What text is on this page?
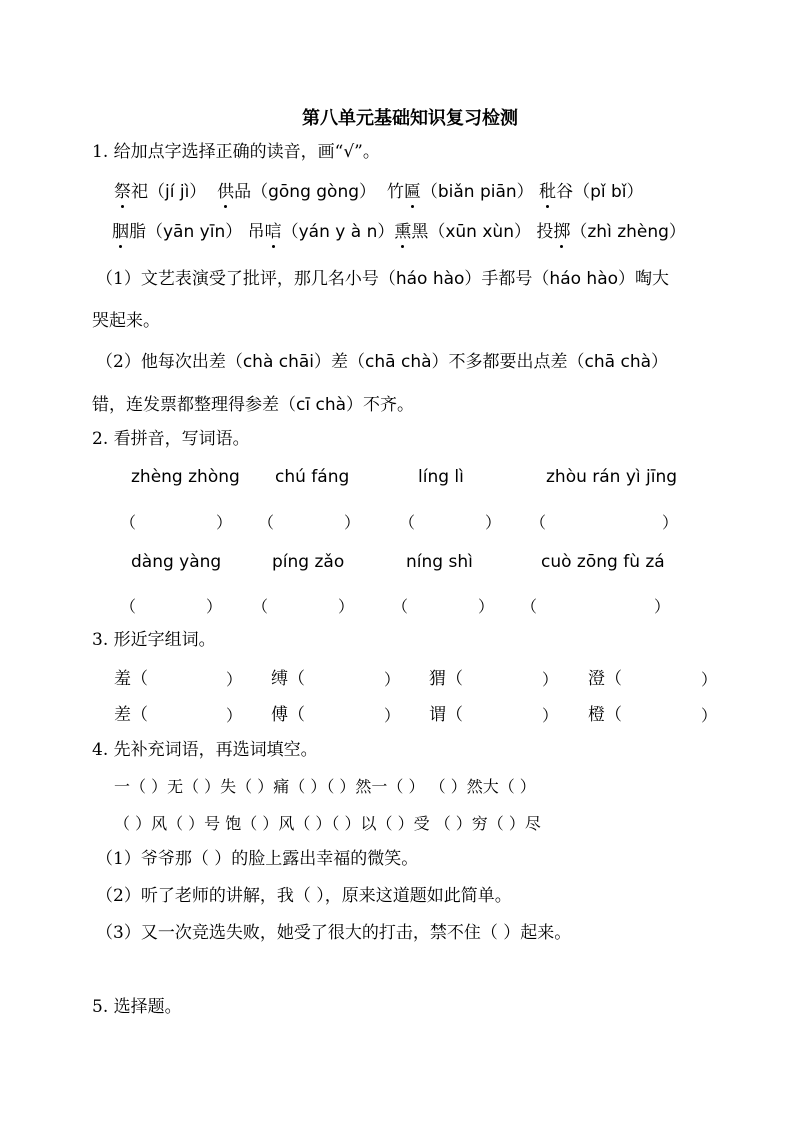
第八单元基础知识复习检测
1. 给加点字选择正确的读音，画“√”。
祭祀（jí jì） 供品（gōng gòng） 竹匾（biǎn piān） 秕谷（pǐ bǐ）
胭脂（yān yīn） 吊唁（yán y à n）熏黑（xūn xùn） 投掷（zhì zhèng）
（1）文艺表演受了批评，那几名小号（háo hào）手都号（háo hào）啕大
哭起来。
（2）他每次出差（chà chāi）差（chā chà）不多都要出点差（chā chà）
错，连发票都整理得参差（cī chà）不齐。
2. 看拼音，写词语。
zhèng zhòng chú fáng	líng lì	zhòu rán yì jīng
（	） （	） （	） （	）
dàng yàng	píng zǎo	níng shì	cuò zōng fù zá
（	） （	） （	） （	）
3. 形近字组词。
羞（	） 缚（	） 猬（	） 澄（	）
差（	） 傅（	） 谓（	） 橙（	）
4. 先补充词语，再选词填空。
一（ ）无（ ）失（ ）痛（ ）（ ）然一（ ） （ ）然大（ ）
（ ）风（ ）号 饱（ ）风（ ）（ ）以（ ）受 （ ）穷（ ）尽
（1）爷爷那（ ）的脸上露出幸福的微笑。
（2）听了老师的讲解，我（ ），原来这道题如此简单。
（3）又一次竞选失败，她受了很大的打击，禁不住（ ）起来。
5. 选择题。
